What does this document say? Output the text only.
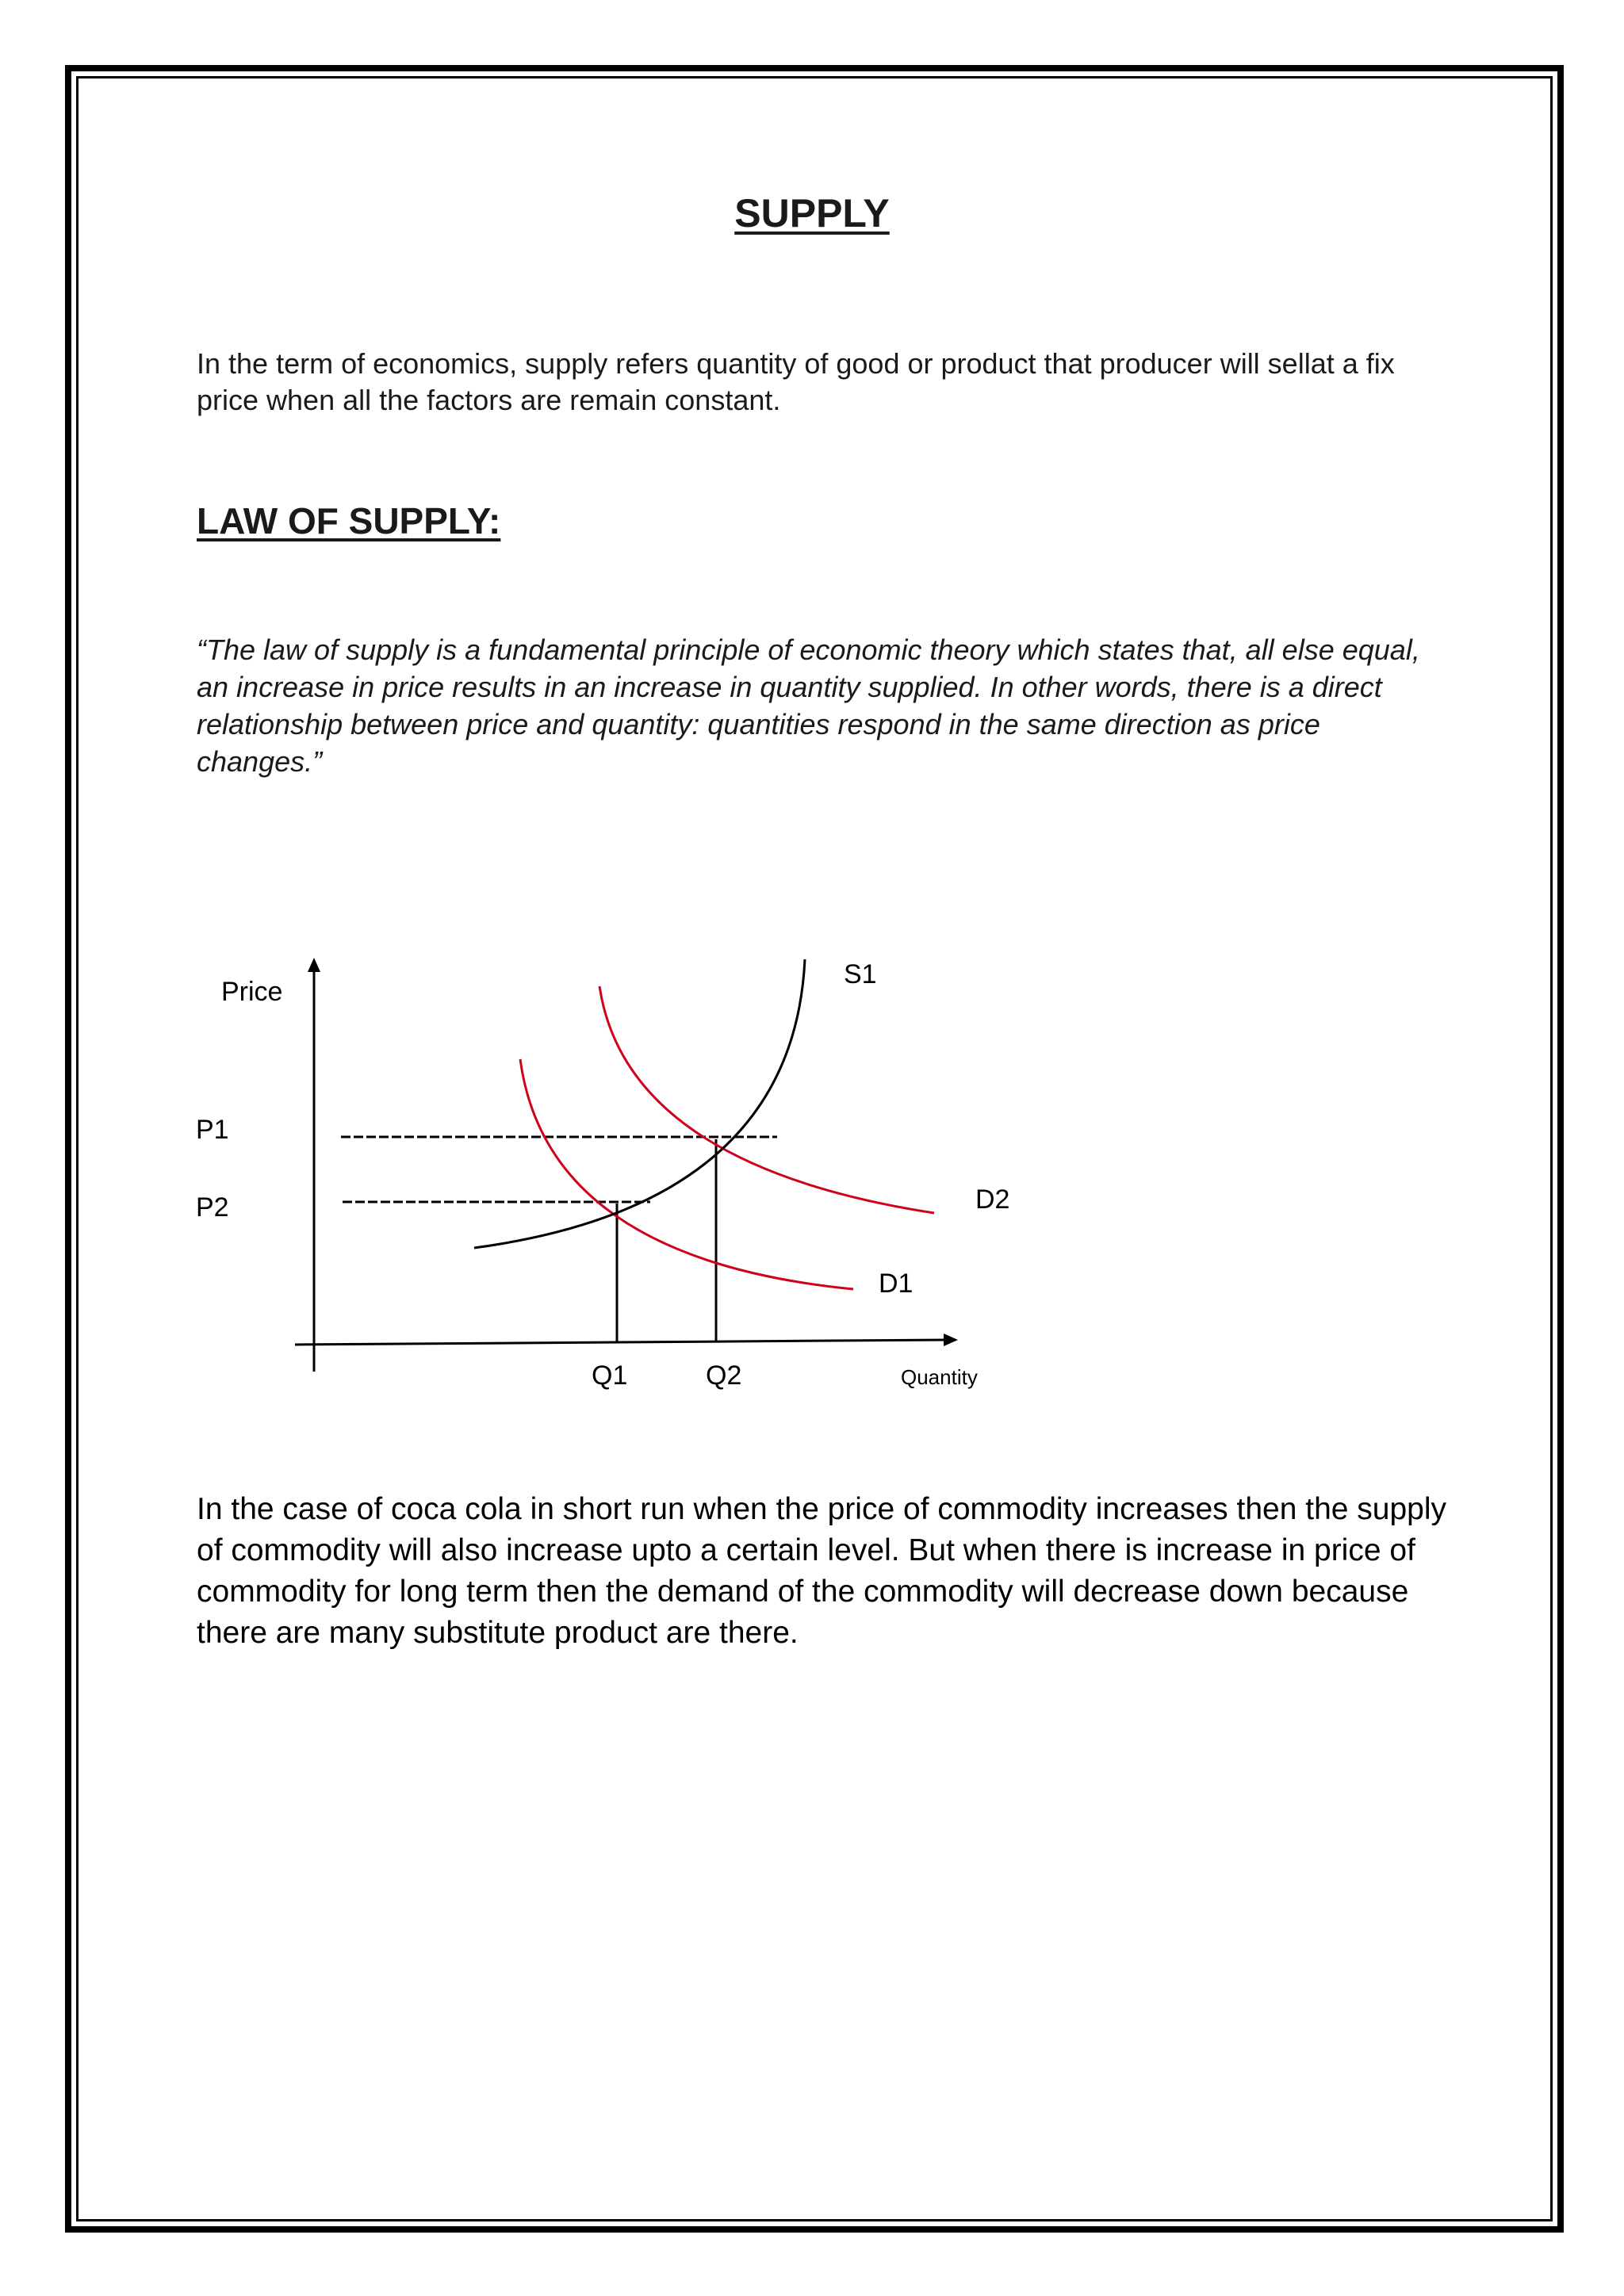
SUPPLY
In the term of economics, supply refers quantity of good or product that producer will sellat a fix price when all the factors are remain constant.
LAW OF SUPPLY:
“The law of supply is a fundamental principle of economic theory which states that, all else equal, an increase in price results in an increase in quantity supplied. In other words, there is a direct relationship between price and quantity: quantities respond in the same direction as price changes.”
Price
P1
P2
S1
D2
D1
Q1	Q2	Quantity
In the case of coca cola in short run when the price of commodity increases then the supply of commodity will also increase upto a certain level. But when there is increase in price of commodity for long term then the demand of the commodity will decrease down because there are many substitute product are there.
